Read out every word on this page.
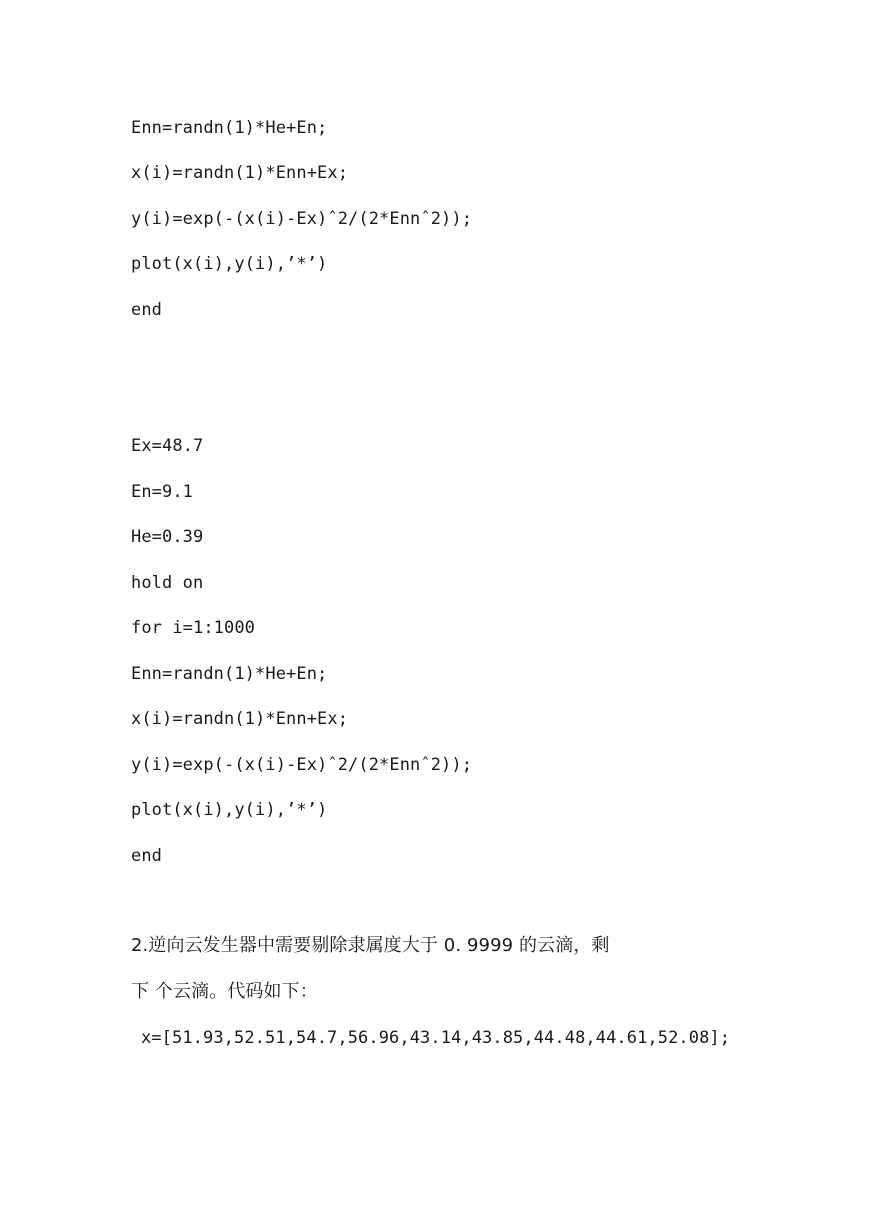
Enn=randn(1)*He+En;
x(i)=randn(1)*Enn+Ex;
y(i)=exp(-(x(i)-Ex)ˆ2/(2*Ennˆ2));
plot(x(i),y(i),’*’)
end
Ex=48.7
En=9.1
He=0.39
hold on
for i=1:1000
Enn=randn(1)*He+En;
x(i)=randn(1)*Enn+Ex;
y(i)=exp(-(x(i)-Ex)ˆ2/(2*Ennˆ2));
plot(x(i),y(i),’*’)
end
2.逆向云发生器中需要剔除隶属度大于 0. 9999 的云滴，剩
下 个云滴。代码如下：
x=[51.93,52.51,54.7,56.96,43.14,43.85,44.48,44.61,52.08];
